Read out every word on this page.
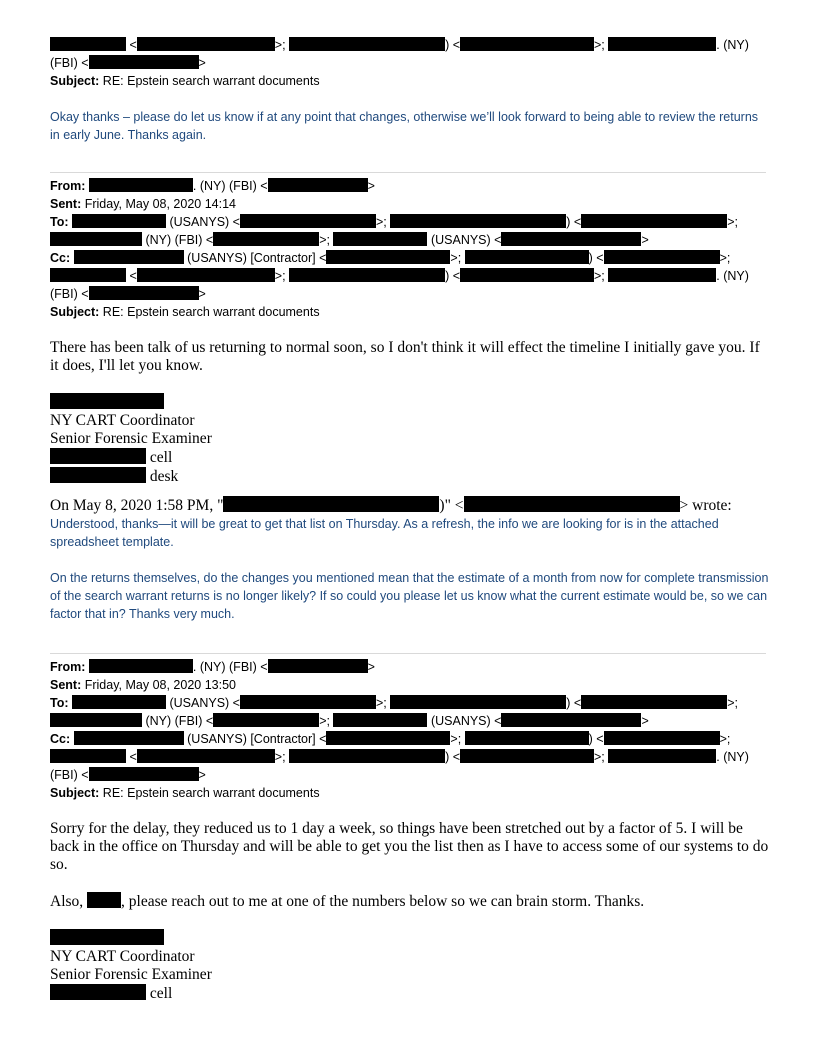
<	>;	) <	>;	. (NY)
(FBI) <	>
Subject: RE: Epstein search warrant documents
Okay thanks – please do let us know if at any point that changes, otherwise we’ll look forward to being able to review the returns in early June. Thanks again.
From:	. (NY) (FBI) <	>
Sent: Friday, May 08, 2020 14:14
To:	(USANYS) <	>;	) <	>;
(NY) (FBI) <	>;	(USANYS) <	>
Cc:	(USANYS) [Contractor] <	>;	) <	>;
<	>;	) <	>;	. (NY)
(FBI) <	>
Subject: RE: Epstein search warrant documents
There has been talk of us returning to normal soon, so I don't think it will effect the timeline I initially gave you. If it does, I'll let you know.
NY CART Coordinator
Senior Forensic Examiner
cell
desk
On May 8, 2020 1:58 PM, "	)" <	> wrote:
Understood, thanks—it will be great to get that list on Thursday. As a refresh, the info we are looking for is in the attached spreadsheet template.
On the returns themselves, do the changes you mentioned mean that the estimate of a month from now for complete transmission of the search warrant returns is no longer likely? If so could you please let us know what the current estimate would be, so we can factor that in? Thanks very much.
From:	. (NY) (FBI) <	>
Sent: Friday, May 08, 2020 13:50
To:	(USANYS) <	>;	) <	>;
(NY) (FBI) <	>;	(USANYS) <	>
Cc:	(USANYS) [Contractor] <	>;	) <	>;
<	>;	) <	>;	. (NY)
(FBI) <	>
Subject: RE: Epstein search warrant documents
Sorry for the delay, they reduced us to 1 day a week, so things have been stretched out by a factor of 5. I will be back in the office on Thursday and will be able to get you the list then as I have to access some of our systems to do so.
Also, , please reach out to me at one of the numbers below so we can brain storm. Thanks.
NY CART Coordinator
Senior Forensic Examiner
cell
